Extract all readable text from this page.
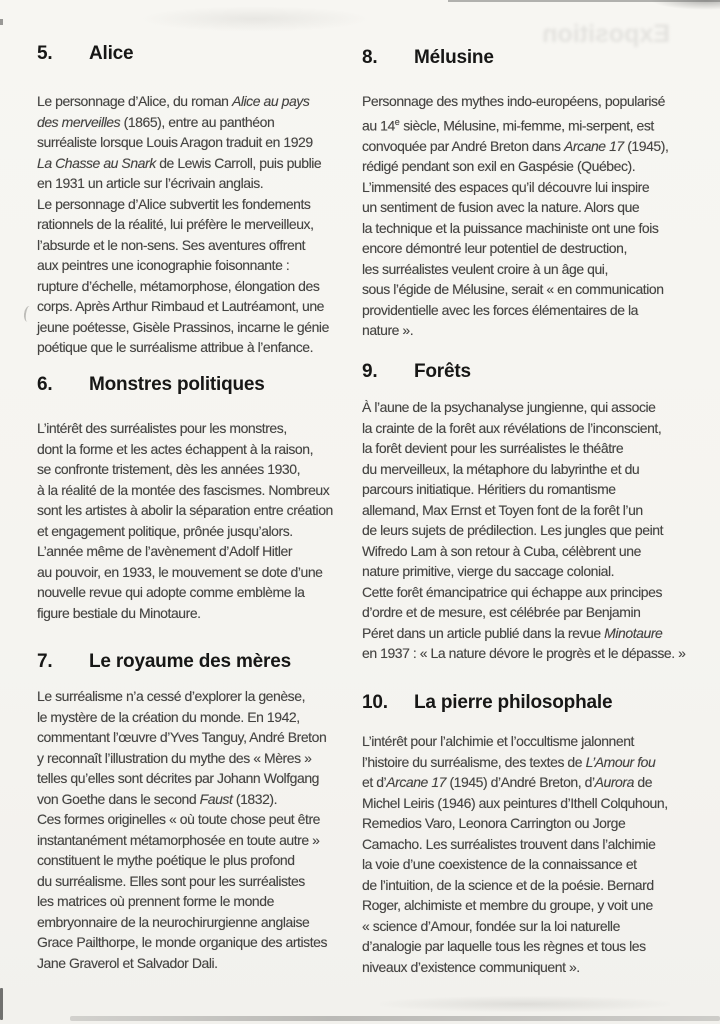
Exposition
5. Alice
Le personnage d’Alice, du roman Alice au pays
des merveilles (1865), entre au panthéon
surréaliste lorsque Louis Aragon traduit en 1929
La Chasse au Snark de Lewis Carroll, puis publie
en 1931 un article sur l’écrivain anglais.
Le personnage d’Alice subvertit les fondements
rationnels de la réalité, lui préfère le merveilleux,
l’absurde et le non-sens. Ses aventures offrent
aux peintres une iconographie foisonnante :
rupture d’échelle, métamorphose, élongation des
corps. Après Arthur Rimbaud et Lautréamont, une
jeune poétesse, Gisèle Prassinos, incarne le génie
poétique que le surréalisme attribue à l’enfance.
6. Monstres politiques
L’intérêt des surréalistes pour les monstres,
dont la forme et les actes échappent à la raison,
se confronte tristement, dès les années 1930,
à la réalité de la montée des fascismes. Nombreux
sont les artistes à abolir la séparation entre création
et engagement politique, prônée jusqu’alors.
L’année même de l’avènement d’Adolf Hitler
au pouvoir, en 1933, le mouvement se dote d’une
nouvelle revue qui adopte comme emblème la
figure bestiale du Minotaure.
7. Le royaume des mères
Le surréalisme n’a cessé d’explorer la genèse,
le mystère de la création du monde. En 1942,
commentant l’œuvre d’Yves Tanguy, André Breton
y reconnaît l’illustration du mythe des « Mères »
telles qu’elles sont décrites par Johann Wolfgang
von Goethe dans le second Faust (1832).
Ces formes originelles « où toute chose peut être
instantanément métamorphosée en toute autre »
constituent le mythe poétique le plus profond
du surréalisme. Elles sont pour les surréalistes
les matrices où prennent forme le monde
embryonnaire de la neurochirurgienne anglaise
Grace Pailthorpe, le monde organique des artistes
Jane Graverol et Salvador Dali.
8. Mélusine
Personnage des mythes indo-européens, popularisé
au 14e siècle, Mélusine, mi-femme, mi-serpent, est
convoquée par André Breton dans Arcane 17 (1945),
rédigé pendant son exil en Gaspésie (Québec).
L’immensité des espaces qu’il découvre lui inspire
un sentiment de fusion avec la nature. Alors que
la technique et la puissance machiniste ont une fois
encore démontré leur potentiel de destruction,
les surréalistes veulent croire à un âge qui,
sous l’égide de Mélusine, serait « en communication
providentielle avec les forces élémentaires de la
nature ».
9. Forêts
À l’aune de la psychanalyse jungienne, qui associe
la crainte de la forêt aux révélations de l’inconscient,
la forêt devient pour les surréalistes le théâtre
du merveilleux, la métaphore du labyrinthe et du
parcours initiatique. Héritiers du romantisme
allemand, Max Ernst et Toyen font de la forêt l’un
de leurs sujets de prédilection. Les jungles que peint
Wifredo Lam à son retour à Cuba, célèbrent une
nature primitive, vierge du saccage colonial.
Cette forêt émancipatrice qui échappe aux principes
d’ordre et de mesure, est célébrée par Benjamin
Péret dans un article publié dans la revue Minotaure
en 1937 : « La nature dévore le progrès et le dépasse. »
10. La pierre philosophale
L’intérêt pour l’alchimie et l’occultisme jalonnent
l’histoire du surréalisme, des textes de L’Amour fou
et d’Arcane 17 (1945) d’André Breton, d’Aurora de
Michel Leiris (1946) aux peintures d’Ithell Colquhoun,
Remedios Varo, Leonora Carrington ou Jorge
Camacho. Les surréalistes trouvent dans l’alchimie
la voie d’une coexistence de la connaissance et
de l’intuition, de la science et de la poésie. Bernard
Roger, alchimiste et membre du groupe, y voit une
« science d’Amour, fondée sur la loi naturelle
d’analogie par laquelle tous les règnes et tous les
niveaux d’existence communiquent ».
